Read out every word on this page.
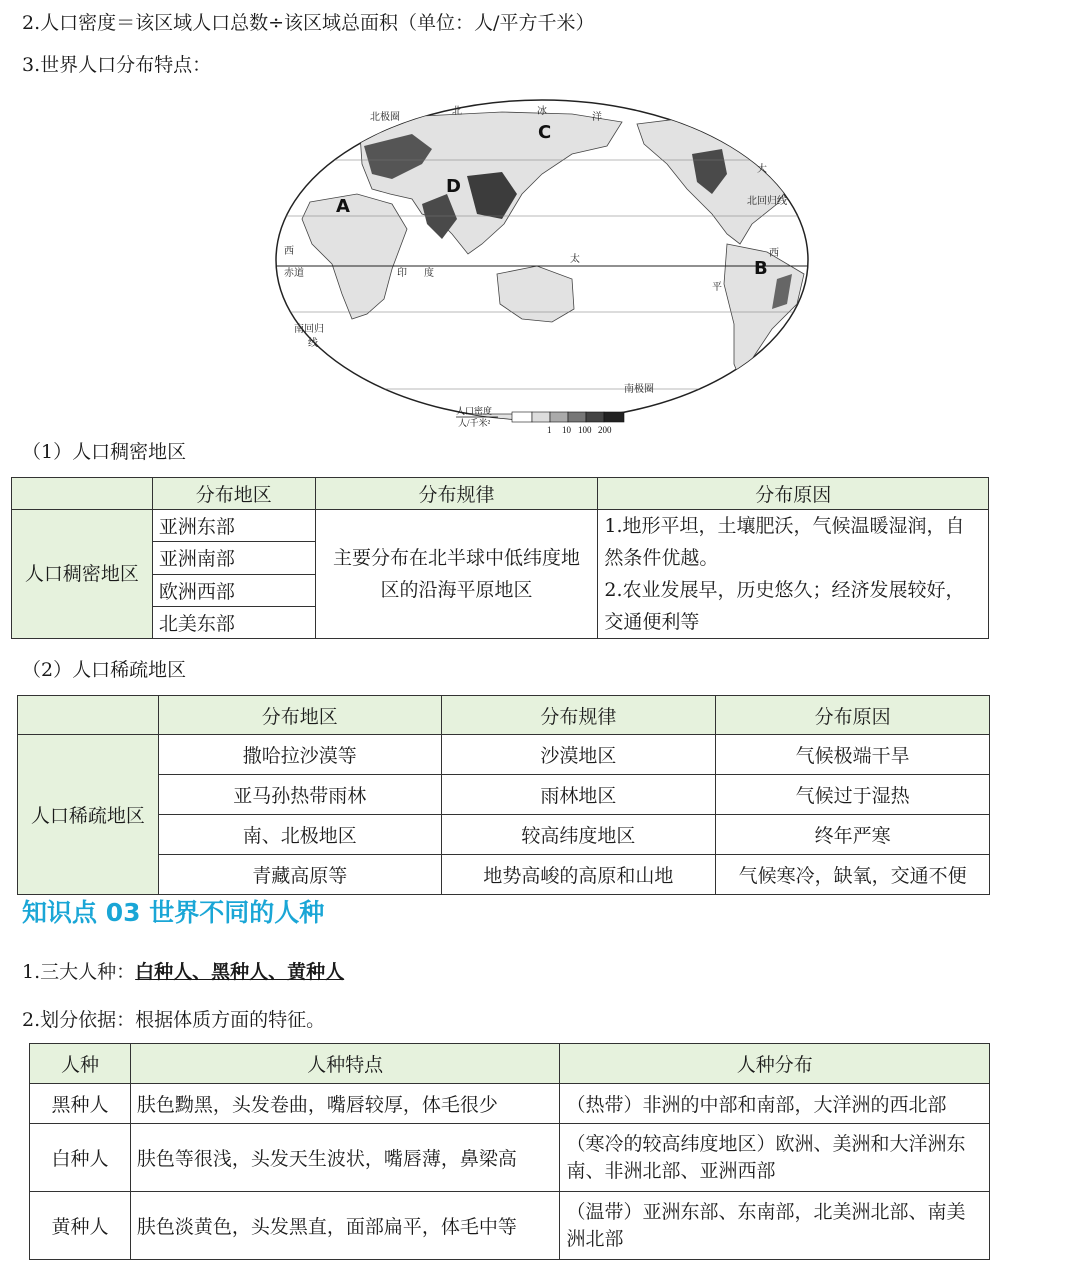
2.人口密度＝该区域人口总数÷该区域总面积（单位：人/平方千米）
3.世界人口分布特点：
北极圈
北回归线
赤道
南回归
线
南极圈
北	冰
洋
大
西	西
印 度
太
平
A
B
C
D
人口密度
人/千米²
1 10 100 200
（1）人口稠密地区
	分布地区	分布规律	分布原因
人口稠密地区	亚洲东部	主要分布在北半球中低纬度地区的沿海平原地区	1.地形平坦，土壤肥沃，气候温暖湿润，自然条件优越。
2.农业发展早，历史悠久；经济发展较好，交通便利等
	亚洲南部		
	欧洲西部		
	北美东部		
（2）人口稀疏地区
	分布地区	分布规律	分布原因
人口稀疏地区	撒哈拉沙漠等	沙漠地区	气候极端干旱
	亚马孙热带雨林	雨林地区	气候过于湿热
	南、北极地区	较高纬度地区	终年严寒
	青藏高原等	地势高峻的高原和山地	气候寒冷，缺氧，交通不便
知识点 03 世界不同的人种
1.三大人种：白种人、黑种人、黄种人
2.划分依据：根据体质方面的特征。
人种	人种特点	人种分布
黑种人	肤色黝黑，头发卷曲，嘴唇较厚，体毛很少	（热带）非洲的中部和南部，大洋洲的西北部
白种人	肤色等很浅，头发天生波状，嘴唇薄，鼻梁高	（寒冷的较高纬度地区）欧洲、美洲和大洋洲东南、非洲北部、亚洲西部
黄种人	肤色淡黄色，头发黑直，面部扁平，体毛中等	（温带）亚洲东部、东南部，北美洲北部、南美洲北部
